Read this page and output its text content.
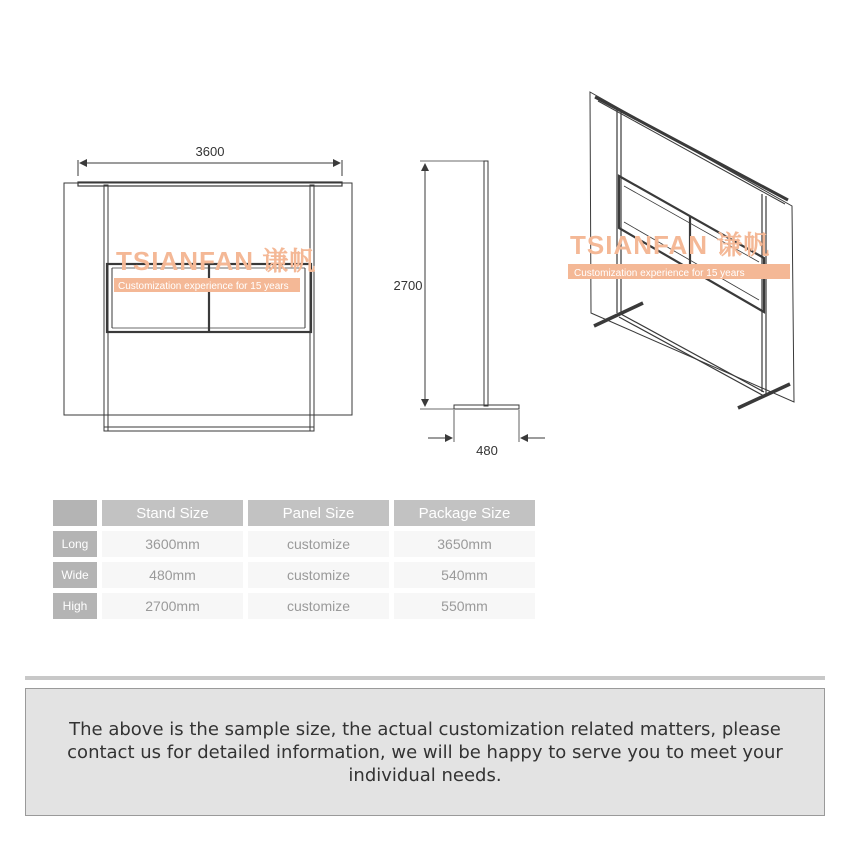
3600
TSIANFAN 谦帆
Customization experience for 15 years	2700
480
TSIANFAN 谦帆
Customization experience for 15 years
Stand Size	Panel Size	Package Size
Long	3600mm	customize	3650mm
Wide	480mm	customize	540mm
High	2700mm	customize	550mm
The above is the sample size, the actual customization related matters, please contact us for detailed information, we will be happy to serve you to meet your individual needs.
